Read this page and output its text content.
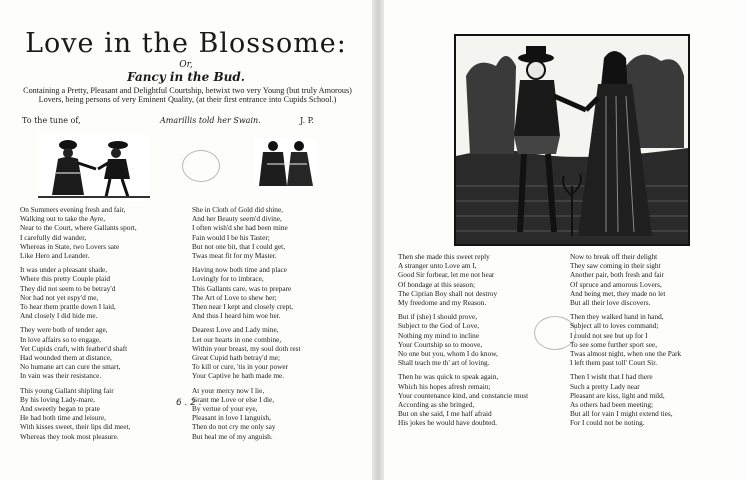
Love in the Blossome:
Or,
Fancy in the Bud.
Containing a Pretty, Pleasant and Delightful Courtship, betwixt two very Young (but truly Amorous) Lovers, being persons of very Eminent Quality, (at their first entrance into Cupids School.)
To the tune of,	Amarillis told her Swain.	J. P.
On Summers evening fresh and fair,
Walking out to take the Ayre,
Near to the Court, where Gallants sport,
I carefully did wander,
Whereas in State, two Lovers sate
Like Hero and Leander.
It was under a pleasant shade,
Where this pretty Couple plaid
They did not seem to be betray'd
Nor had not yet espy'd me,
To hear them prattle down I laid,
And closely I did hide me.
They were both of tender age,
In love affairs so to engage,
Yet Cupids craft, with feather'd shaft
Had wounded them at distance,
No humane art can cure the smart,
In vain was their resistance.
This young Gallant shipling fair
By his loving Lady-mare,
And sweetly began to prate
He had both time and leisure,
With kisses sweet, their lips did meet,
Whereas they took most pleasure.
She in Cloth of Gold did shine,
And her Beauty seem'd divine,
I often wish'd she had been mine
Fain would I be his Taster;
But not one bit, that I could get,
Twas meat fit for my Master.
Having now both time and place
Lovingly for to imbrace,
This Gallants care, was to prepare
The Art of Love to shew her;
Then near I kept and closely crept,
And thus I heard him woe her.
Dearest Love and Lady mine,
Let our hearts in one combine,
Within your breast, my soul doth rest
Great Cupid hath betray'd me;
To kill or cure, 'tis in your power
Your Captive he hath made me.
At your mercy now I lie,
Grant me Love or else I die,
By vertue of your eye,
Pleasant in love I languish,
Then do not cry me only say
But heal me of my anguish.
6 . 2 .
Then she made this sweet reply
A stranger unto Love am I,
Good Sir forbear, let me not hear
Of bondage at this season;
The Ciprian Boy shall not destroy
My freedome and my Reason.
But if (she) I should prove,
Subject to the God of Love,
Nothing my mind to incline
Your Courtship so to moove,
No one but you, whom I do know,
Shall teach me th' art of loving.
Then he was quick to speak again,
Which his hopes afresh remain;
Your countenance kind, and constancie must
According as she bringed,
But on she said, I me half afraid
His jokes he would have doubted.
Now to break off their delight
They saw coming in their sight
Another pair, both fresh and fair
Of spruce and amorous Lovers,
And being met, they made no let
But all their love discovers.
Then they walked hand in hand,
Subject all to loves command;
I could not see but up for I
To see some further sport see,
Twas almost night, when one the Park
I left them past toll' Court Sir.
Then I wisht that I had there
Such a pretty Lady near
Pleasant are kiss, light and mild,
As others had been meeting;
But all for vain I might extend ties,
For I could not be noting.
